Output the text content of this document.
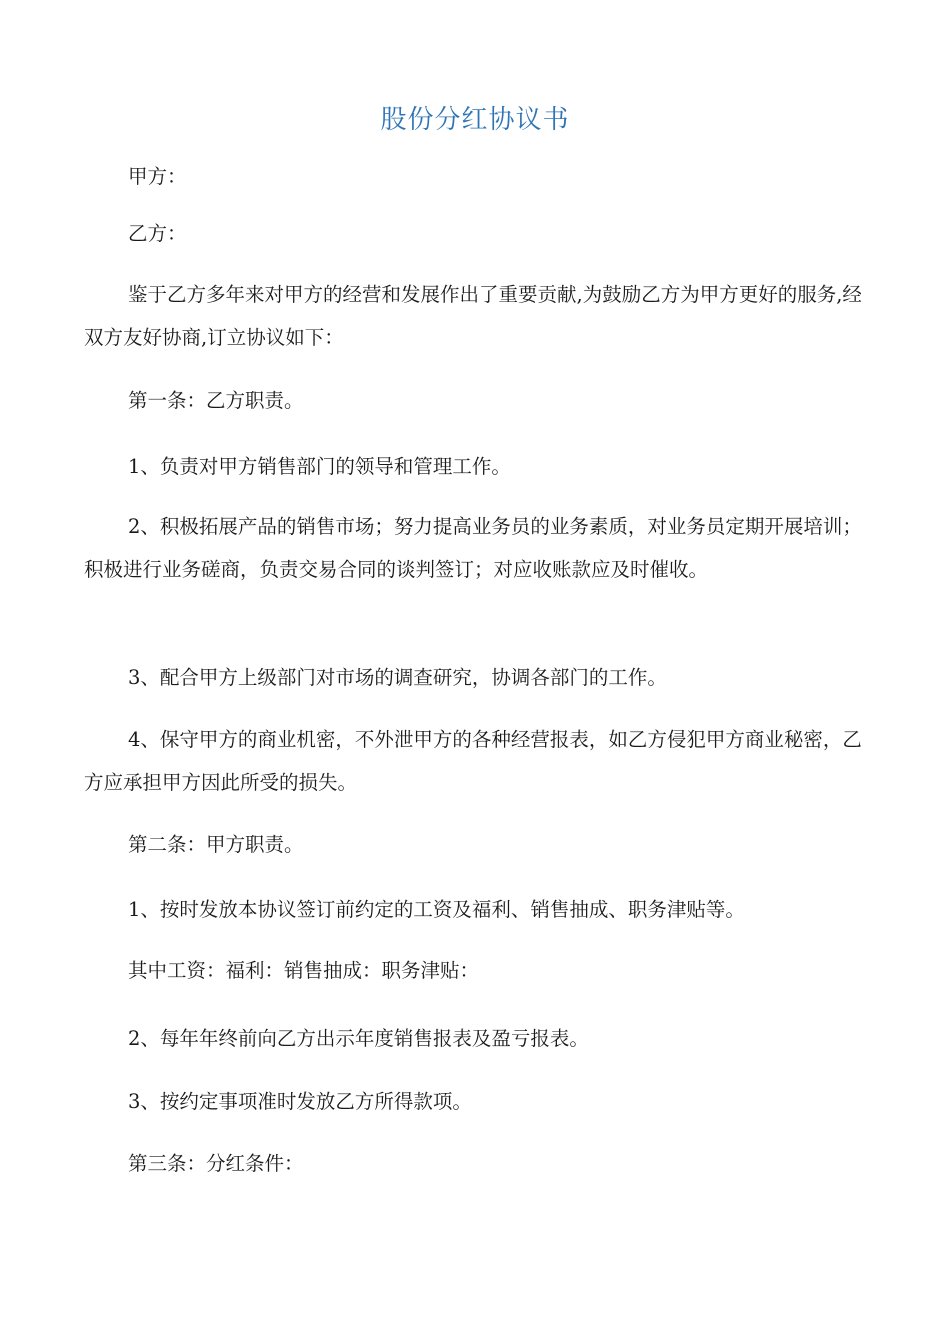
股份分红协议书

甲方：

乙方：

鉴于乙方多年来对甲方的经营和发展作出了重要贡献,为鼓励乙方为甲方更好的服务,经双方友好协商,订立协议如下：

第一条：乙方职责。

1、负责对甲方销售部门的领导和管理工作。

2、积极拓展产品的销售市场；努力提高业务员的业务素质，对业务员定期开展培训；积极进行业务磋商，负责交易合同的谈判签订；对应收账款应及时催收。

3、配合甲方上级部门对市场的调查研究，协调各部门的工作。

4、保守甲方的商业机密，不外泄甲方的各种经营报表，如乙方侵犯甲方商业秘密，乙方应承担甲方因此所受的损失。

第二条：甲方职责。

1、按时发放本协议签订前约定的工资及福利、销售抽成、职务津贴等。

其中工资：福利：销售抽成：职务津贴：

2、每年年终前向乙方出示年度销售报表及盈亏报表。

3、按约定事项准时发放乙方所得款项。

第三条：分红条件：
